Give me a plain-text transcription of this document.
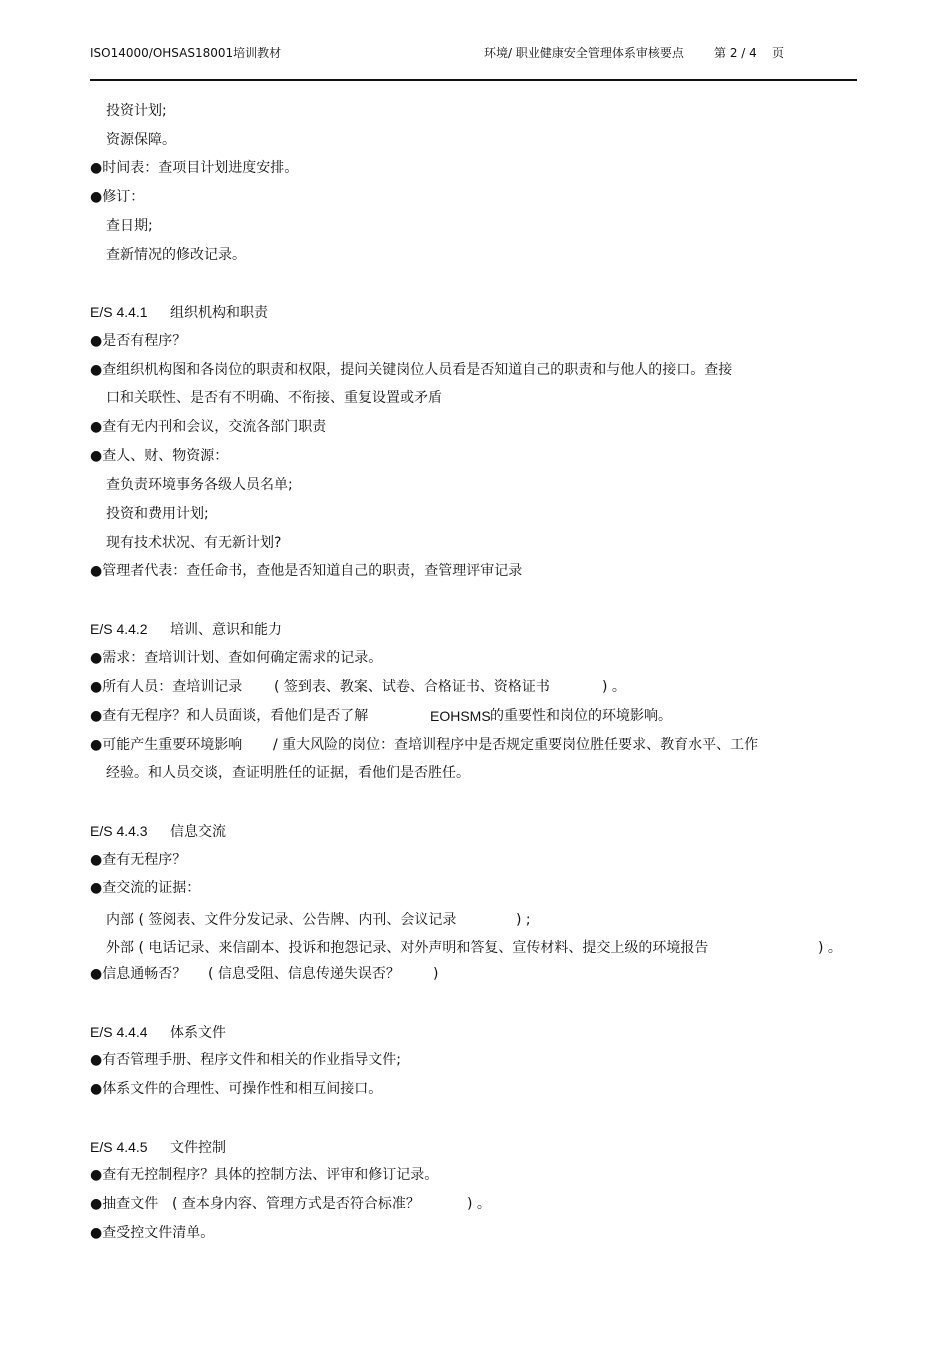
ISO14000/OHSAS18001培训教材	环境/ 职业健康安全管理体系审核要点	第 2 / 4 页
投资计划;
资源保障。
●时间表：查项目计划进度安排。
●修订：
查日期;
查新情况的修改记录。
E/S 4.4.1 组织机构和职责
●是否有程序？
●查组织机构图和各岗位的职责和权限，提问关键岗位人员看是否知道自己的职责和与他人的接口。查接
口和关联性、是否有不明确、不衔接、重复设置或矛盾
●查有无内刊和会议，交流各部门职责
●查人、财、物资源：
查负责环境事务各级人员名单;
投资和费用计划;
现有技术状况、有无新计划?
●管理者代表：查任命书，查他是否知道自己的职责，查管理评审记录
E/S 4.4.2 培训、意识和能力
●需求：查培训计划、查如何确定需求的记录。
●所有人员：查培训记录 ( 签到表、教案、试卷、合格证书、资格证书	) 。
●查有无程序？和人员面谈，看他们是否了解	EOHSMS 的重要性和岗位的环境影响。
●可能产生重要环境影响 / 重大风险的岗位：查培训程序中是否规定重要岗位胜任要求、教育水平、工作
经验。和人员交谈，查证明胜任的证据，看他们是否胜任。
E/S 4.4.3 信息交流
●查有无程序？
●查交流的证据：
内部 ( 签阅表、文件分发记录、公告牌、内刊、会议记录	) ;
外部 ( 电话记录、来信副本、投诉和抱怨记录、对外声明和答复、宣传材料、提交上级的环境报告	) 。
●信息通畅否？ ( 信息受阻、信息传递失误否？ )
E/S 4.4.4 体系文件
●有否管理手册、程序文件和相关的作业指导文件;
●体系文件的合理性、可操作性和相互间接口。
E/S 4.4.5 文件控制
●查有无控制程序？具体的控制方法、评审和修订记录。
●抽查文件 ( 查本身内容、管理方式是否符合标准？	) 。
●查受控文件清单。
